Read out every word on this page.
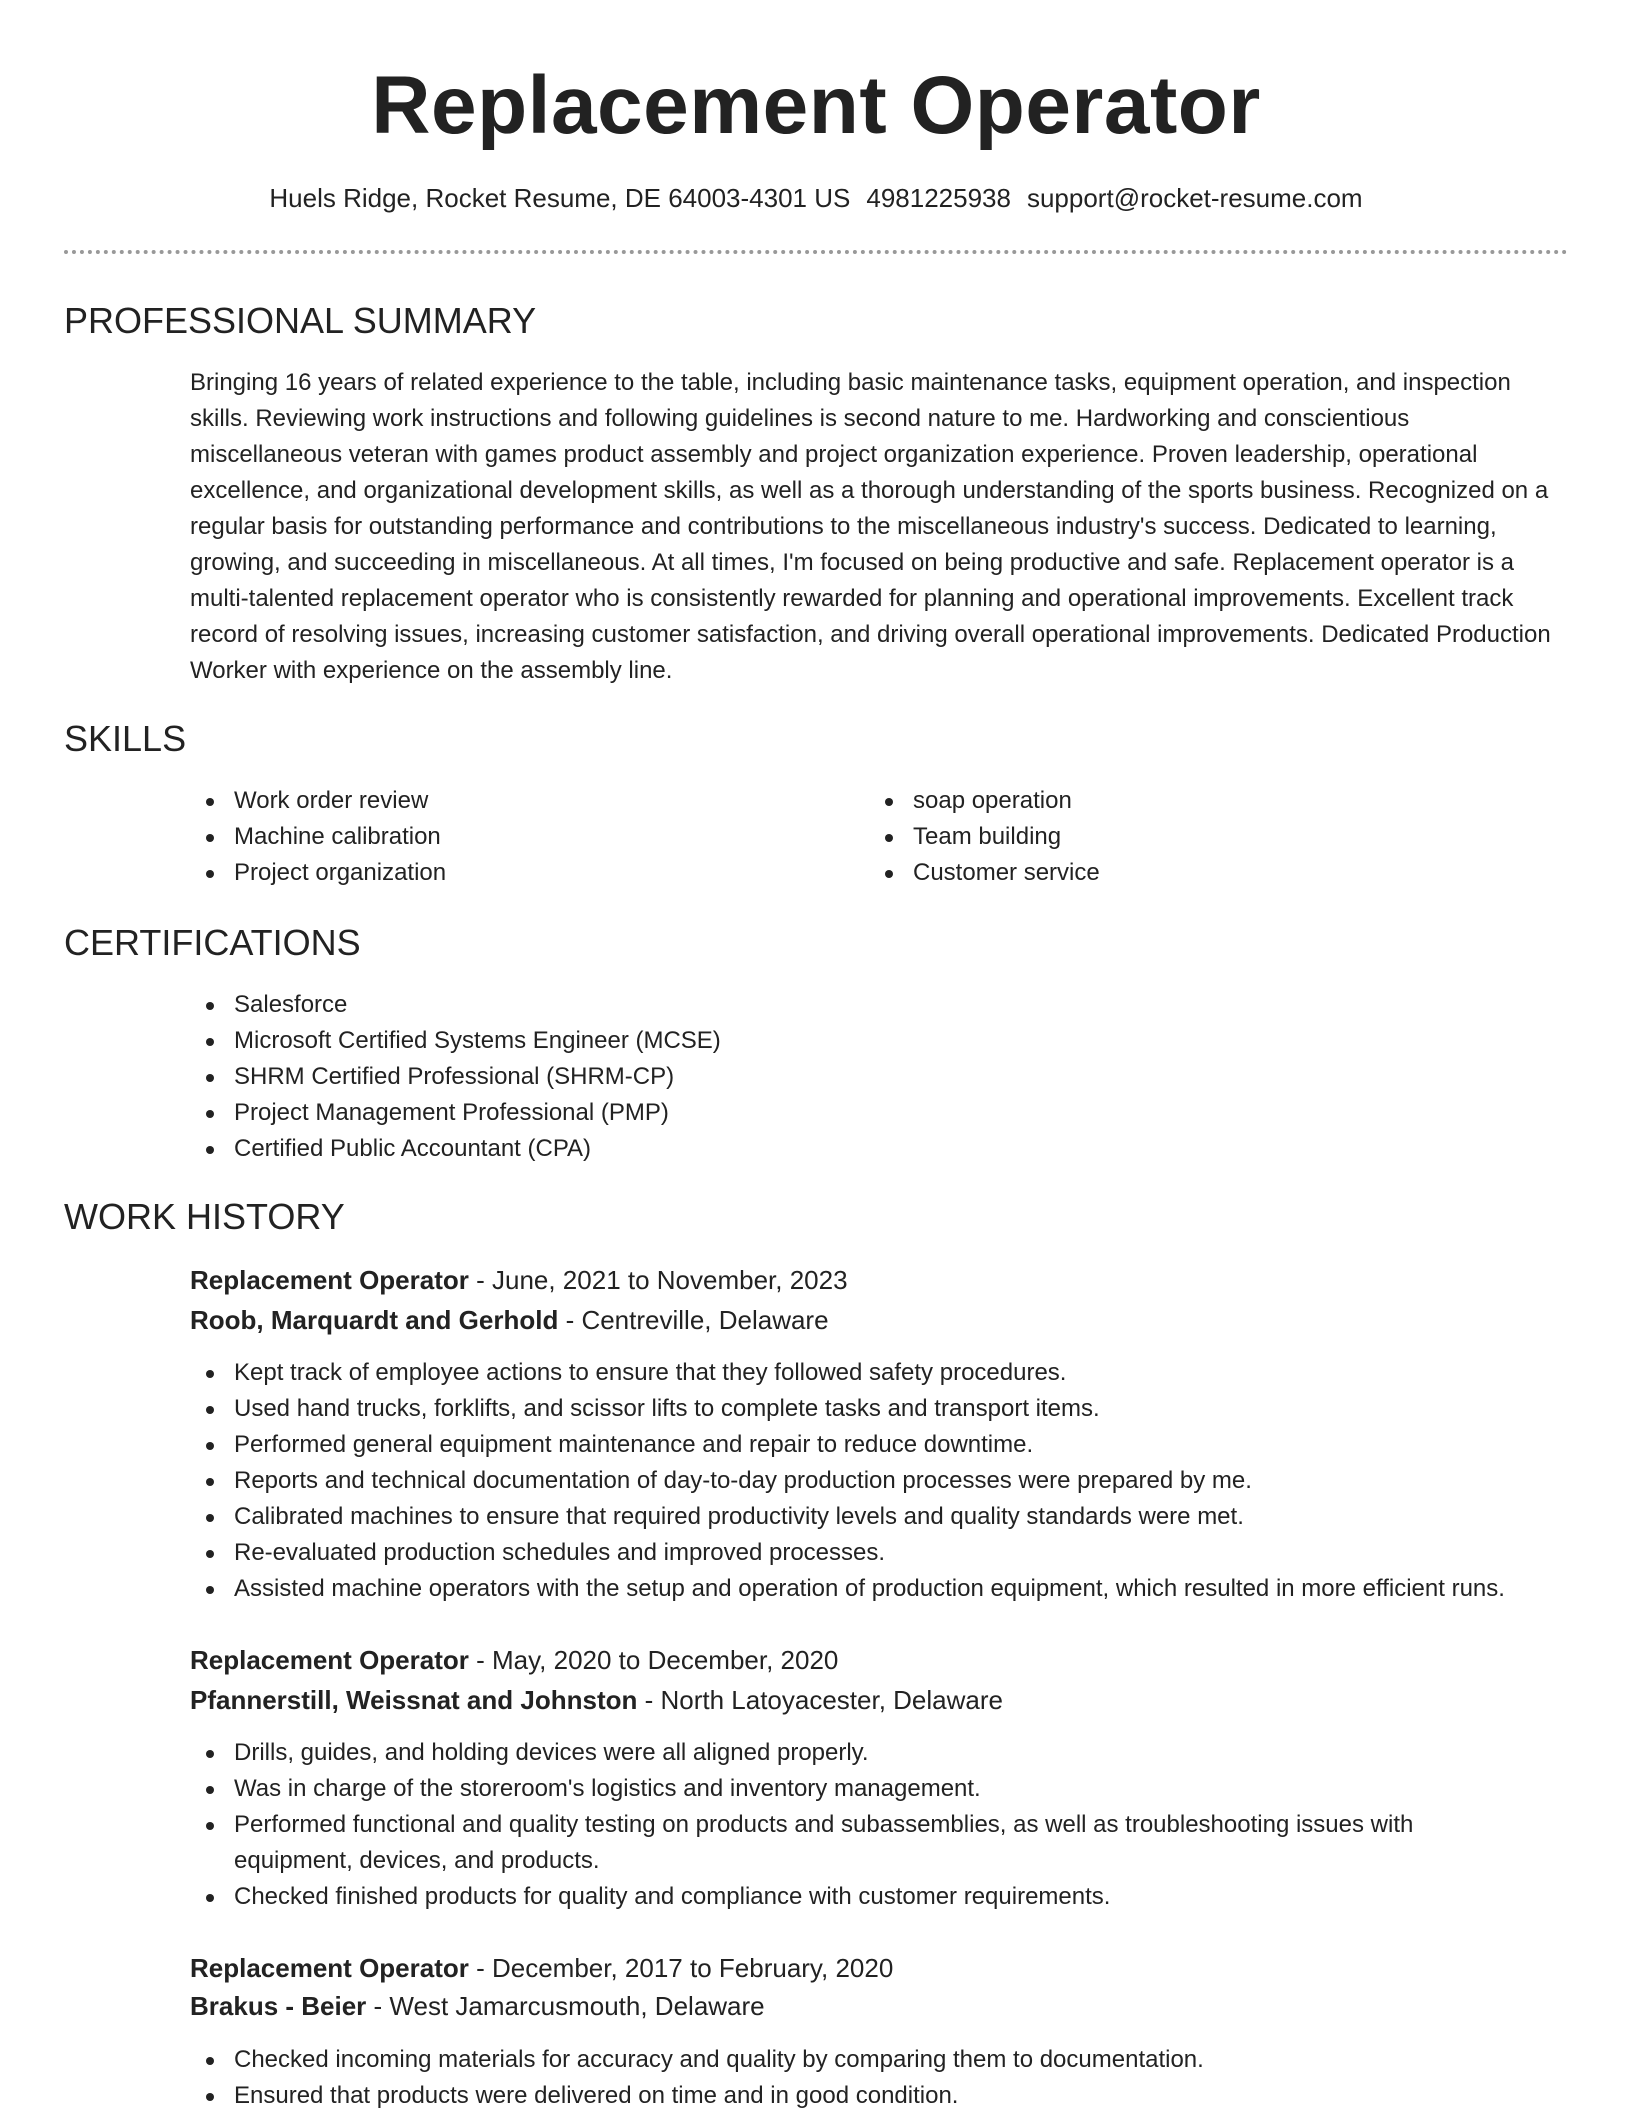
Replacement Operator
Huels Ridge, Rocket Resume, DE 64003-4301 US 4981225938 support@rocket-resume.com
PROFESSIONAL SUMMARY

Bringing 16 years of related experience to the table, including basic maintenance tasks, equipment operation, and inspection skills. Reviewing work instructions and following guidelines is second nature to me. Hardworking and conscientious miscellaneous veteran with games product assembly and project organization experience. Proven leadership, operational excellence, and organizational development skills, as well as a thorough understanding of the sports business. Recognized on a regular basis for outstanding performance and contributions to the miscellaneous industry's success. Dedicated to learning, growing, and succeeding in miscellaneous. At all times, I'm focused on being productive and safe. Replacement operator is a multi-talented replacement operator who is consistently rewarded for planning and operational improvements. Excellent track record of resolving issues, increasing customer satisfaction, and driving overall operational improvements. Dedicated Production Worker with experience on the assembly line.

SKILLS
Work order review
Machine calibration
Project organization
soap operation
Team building
Customer service
CERTIFICATIONS
Salesforce
Microsoft Certified Systems Engineer (MCSE)
SHRM Certified Professional (SHRM-CP)
Project Management Professional (PMP)
Certified Public Accountant (CPA)
WORK HISTORY
Replacement Operator - June, 2021 to November, 2023
Roob, Marquardt and Gerhold - Centreville, Delaware
Kept track of employee actions to ensure that they followed safety procedures.
Used hand trucks, forklifts, and scissor lifts to complete tasks and transport items.
Performed general equipment maintenance and repair to reduce downtime.
Reports and technical documentation of day-to-day production processes were prepared by me.
Calibrated machines to ensure that required productivity levels and quality standards were met.
Re-evaluated production schedules and improved processes.
Assisted machine operators with the setup and operation of production equipment, which resulted in more efficient runs.
Replacement Operator - May, 2020 to December, 2020
Pfannerstill, Weissnat and Johnston - North Latoyacester, Delaware
Drills, guides, and holding devices were all aligned properly.
Was in charge of the storeroom's logistics and inventory management.
Performed functional and quality testing on products and subassemblies, as well as troubleshooting issues with equipment, devices, and products.
Checked finished products for quality and compliance with customer requirements.
Replacement Operator - December, 2017 to February, 2020
Brakus - Beier - West Jamarcusmouth, Delaware
Checked incoming materials for accuracy and quality by comparing them to documentation.
Ensured that products were delivered on time and in good condition.
